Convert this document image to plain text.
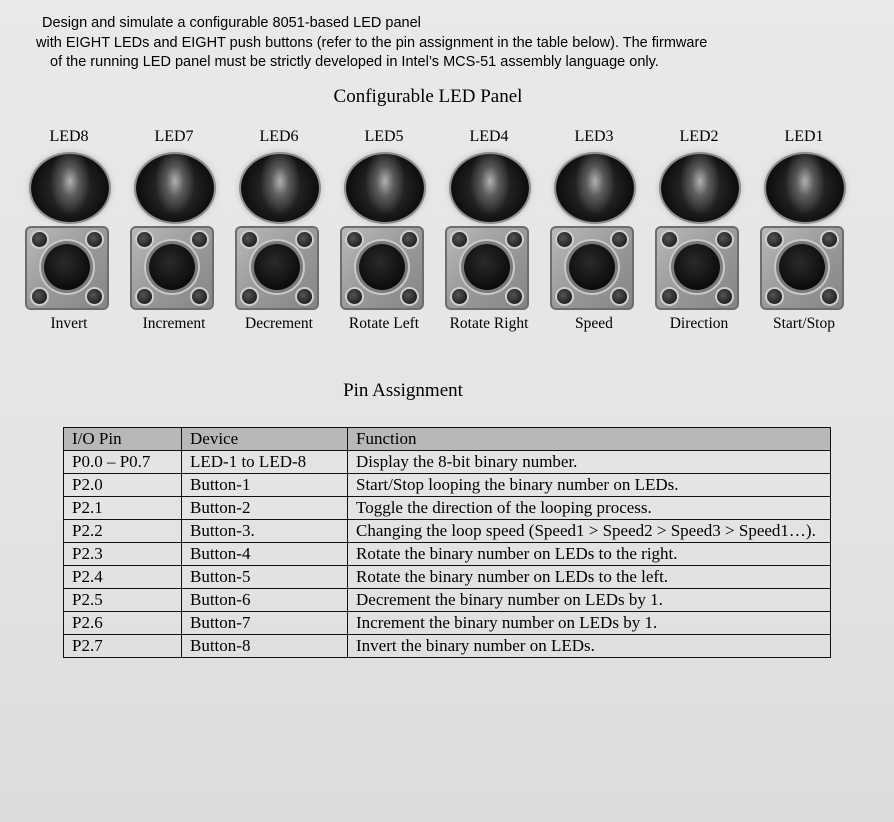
Design and simulate a configurable 8051-based LED panel
with EIGHT LEDs and EIGHT push buttons (refer to the pin assignment in the table below). The firmware
of the running LED panel must be strictly developed in Intel’s MCS-51 assembly language only.
Configurable LED Panel
LED8
Invert
LED7
Increment
LED6
Decrement
LED5
Rotate Left
LED4
Rotate Right
LED3
Speed
LED2
Direction
LED1
Start/Stop
Pin Assignment
I/O Pin	Device	Function
P0.0 – P0.7	LED-1 to LED-8	Display the 8-bit binary number.
P2.0	Button-1	Start/Stop looping the binary number on LEDs.
P2.1	Button-2	Toggle the direction of the looping process.
P2.2	Button-3.	Changing the loop speed (Speed1 > Speed2 > Speed3 > Speed1…).
P2.3	Button-4	Rotate the binary number on LEDs to the right.
P2.4	Button-5	Rotate the binary number on LEDs to the left.
P2.5	Button-6	Decrement the binary number on LEDs by 1.
P2.6	Button-7	Increment the binary number on LEDs by 1.
P2.7	Button-8	Invert the binary number on LEDs.
